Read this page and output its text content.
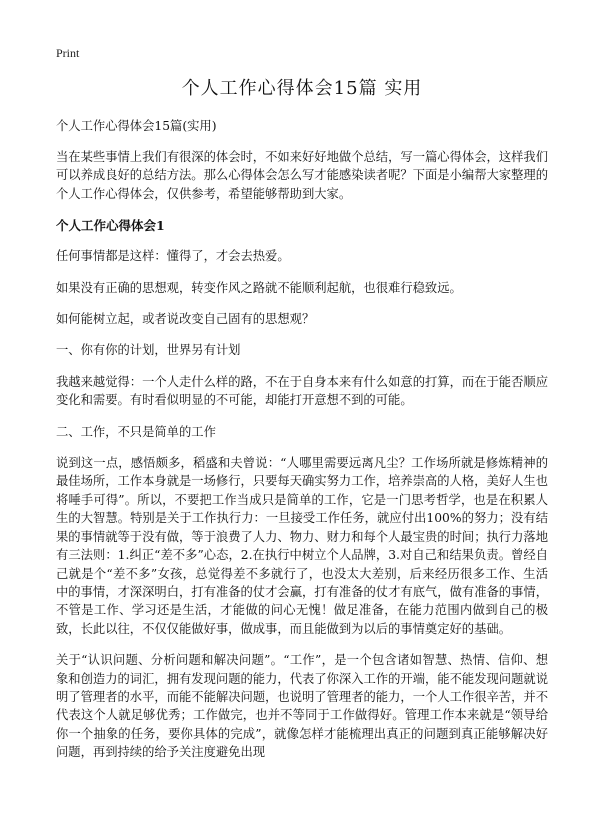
Print
个人工作心得体会15篇 实用
个人工作心得体会15篇(实用)

当在某些事情上我们有很深的体会时，不如来好好地做个总结，写一篇心得体会，这样我们可以养成良好的总结方法。那么心得体会怎么写才能感染读者呢？下面是小编帮大家整理的个人工作心得体会，仅供参考，希望能够帮助到大家。

个人工作心得体会1

任何事情都是这样：懂得了，才会去热爱。

如果没有正确的思想观，转变作风之路就不能顺利起航，也很难行稳致远。

如何能树立起，或者说改变自己固有的思想观？

一、你有你的计划，世界另有计划

我越来越觉得：一个人走什么样的路，不在于自身本来有什么如意的打算，而在于能否顺应变化和需要。有时看似明显的不可能，却能打开意想不到的可能。

二、工作，不只是简单的工作

说到这一点，感悟颇多，稻盛和夫曾说：“人哪里需要远离凡尘？工作场所就是修炼精神的最佳场所，工作本身就是一场修行，只要每天确实努力工作，培养崇高的人格，美好人生也将唾手可得”。所以，不要把工作当成只是简单的工作，它是一门思考哲学，也是在积累人生的大智慧。特别是关于工作执行力：一旦接受工作任务，就应付出100%的努力；没有结果的事情就等于没有做，等于浪费了人力、物力、财力和每个人最宝贵的时间；执行力落地有三法则：1.纠正“差不多”心态，2.在执行中树立个人品牌，3.对自己和结果负责。曾经自己就是个“差不多”女孩，总觉得差不多就行了，也没太大差别，后来经历很多工作、生活中的事情，才深深明白，打有准备的仗才会赢，打有准备的仗才有底气，做有准备的事情，不管是工作、学习还是生活，才能做的问心无愧！做足准备，在能力范围内做到自己的极致，长此以往，不仅仅能做好事，做成事，而且能做到为以后的事情奠定好的基础。

关于“认识问题、分析问题和解决问题”。“工作”，是一个包含诸如智慧、热情、信仰、想象和创造力的词汇，拥有发现问题的能力，代表了你深入工作的开端，能不能发现问题就说明了管理者的水平，而能不能解决问题，也说明了管理者的能力，一个人工作很辛苦，并不代表这个人就足够优秀；工作做完，也并不等同于工作做得好。管理工作本来就是“领导给你一个抽象的任务，要你具体的完成”，就像怎样才能梳理出真正的问题到真正能够解决好问题，再到持续的给予关注度避免出现
